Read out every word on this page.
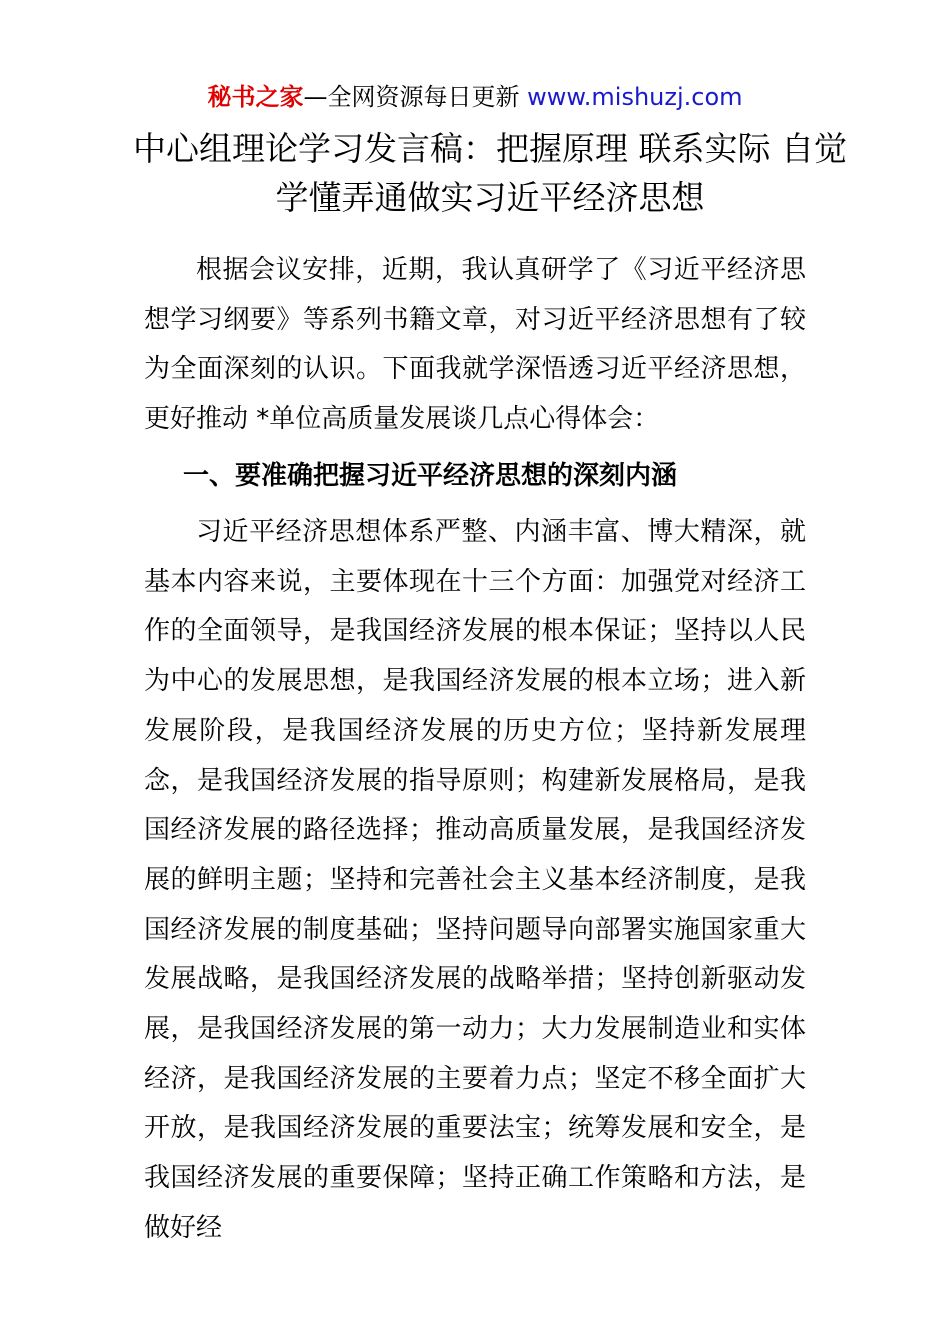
秘书之家—全网资源每日更新 www.mishuzj.com
中心组理论学习发言稿：把握原理 联系实际 自觉学懂弄通做实习近平经济思想

根据会议安排，近期，我认真研学了《习近平经济思想学习纲要》等系列书籍文章，对习近平经济思想有了较为全面深刻的认识。下面我就学深悟透习近平经济思想，更好推动 *单位高质量发展谈几点心得体会：

一、要准确把握习近平经济思想的深刻内涵

习近平经济思想体系严整、内涵丰富、博大精深，就基本内容来说，主要体现在十三个方面：加强党对经济工作的全面领导，是我国经济发展的根本保证；坚持以人民为中心的发展思想，是我国经济发展的根本立场；进入新发展阶段，是我国经济发展的历史方位；坚持新发展理念，是我国经济发展的指导原则；构建新发展格局，是我国经济发展的路径选择；推动高质量发展，是我国经济发展的鲜明主题；坚持和完善社会主义基本经济制度，是我国经济发展的制度基础；坚持问题导向部署实施国家重大发展战略，是我国经济发展的战略举措；坚持创新驱动发展，是我国经济发展的第一动力；大力发展制造业和实体经济，是我国经济发展的主要着力点；坚定不移全面扩大开放，是我国经济发展的重要法宝；统筹发展和安全，是我国经济发展的重要保障；坚持正确工作策略和方法，是做好经
